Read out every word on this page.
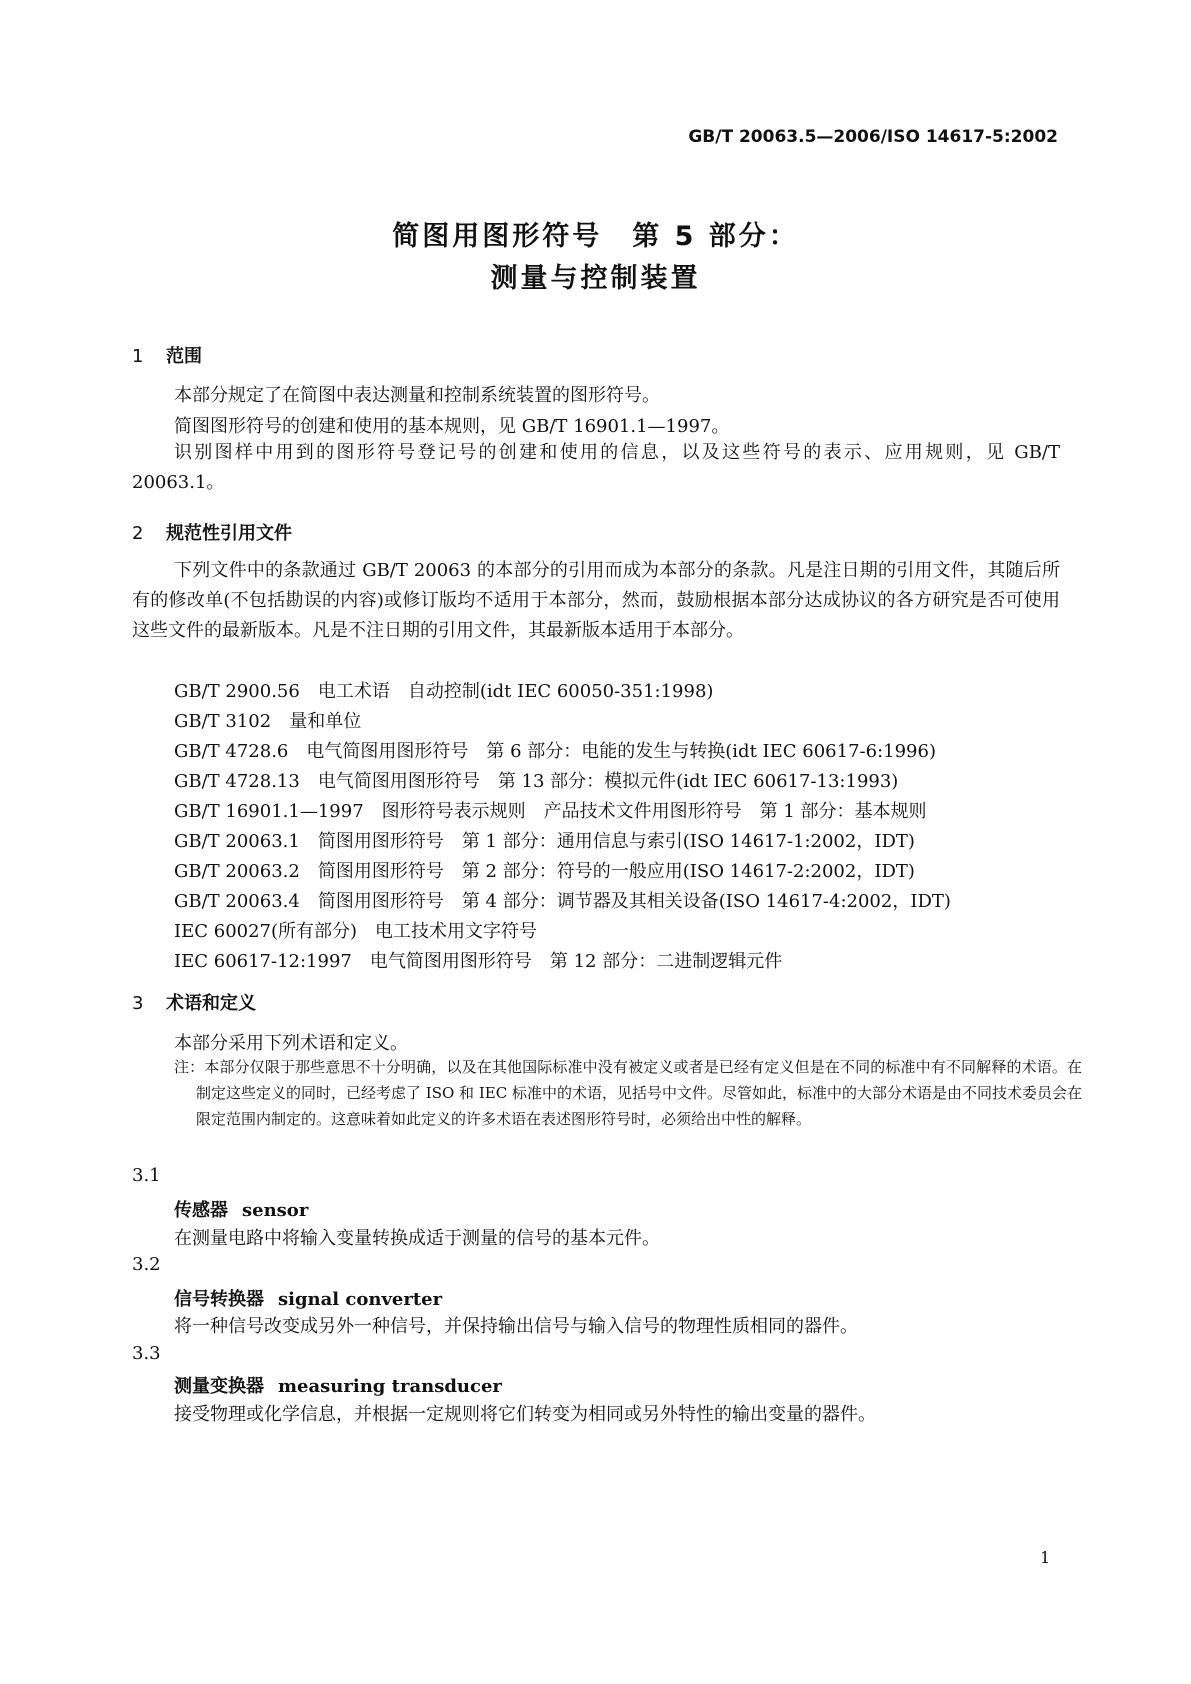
GB/T 20063.5—2006/ISO 14617-5:2002
简图用图形符号　第 5 部分：
测量与控制装置
1 范围
本部分规定了在简图中表达测量和控制系统装置的图形符号。
简图图形符号的创建和使用的基本规则，见 GB/T 16901.1—1997。
识别图样中用到的图形符号登记号的创建和使用的信息，以及这些符号的表示、应用规则，见 GB/T 20063.1。
2 规范性引用文件
下列文件中的条款通过 GB/T 20063 的本部分的引用而成为本部分的条款。凡是注日期的引用文件，其随后所有的修改单(不包括勘误的内容)或修订版均不适用于本部分，然而，鼓励根据本部分达成协议的各方研究是否可使用这些文件的最新版本。凡是不注日期的引用文件，其最新版本适用于本部分。
GB/T 2900.56　电工术语　自动控制(idt IEC 60050-351:1998)
GB/T 3102　量和单位
GB/T 4728.6　电气简图用图形符号　第 6 部分：电能的发生与转换(idt IEC 60617-6:1996)
GB/T 4728.13　电气简图用图形符号　第 13 部分：模拟元件(idt IEC 60617-13:1993)
GB/T 16901.1—1997　图形符号表示规则　产品技术文件用图形符号　第 1 部分：基本规则
GB/T 20063.1　简图用图形符号　第 1 部分：通用信息与索引(ISO 14617-1:2002，IDT)
GB/T 20063.2　简图用图形符号　第 2 部分：符号的一般应用(ISO 14617-2:2002，IDT)
GB/T 20063.4　简图用图形符号　第 4 部分：调节器及其相关设备(ISO 14617-4:2002，IDT)
IEC 60027(所有部分)　电工技术用文字符号
IEC 60617-12:1997　电气简图用图形符号　第 12 部分：二进制逻辑元件
3 术语和定义
本部分采用下列术语和定义。
注：本部分仅限于那些意思不十分明确，以及在其他国际标准中没有被定义或者是已经有定义但是在不同的标准中有不同解释的术语。在制定这些定义的同时，已经考虑了 ISO 和 IEC 标准中的术语，见括号中文件。尽管如此，标准中的大部分术语是由不同技术委员会在限定范围内制定的。这意味着如此定义的许多术语在表述图形符号时，必须给出中性的解释。
3.1
传感器 sensor
在测量电路中将输入变量转换成适于测量的信号的基本元件。
3.2
信号转换器 signal converter
将一种信号改变成另外一种信号，并保持输出信号与输入信号的物理性质相同的器件。
3.3
测量变换器 measuring transducer
接受物理或化学信息，并根据一定规则将它们转变为相同或另外特性的输出变量的器件。
1
